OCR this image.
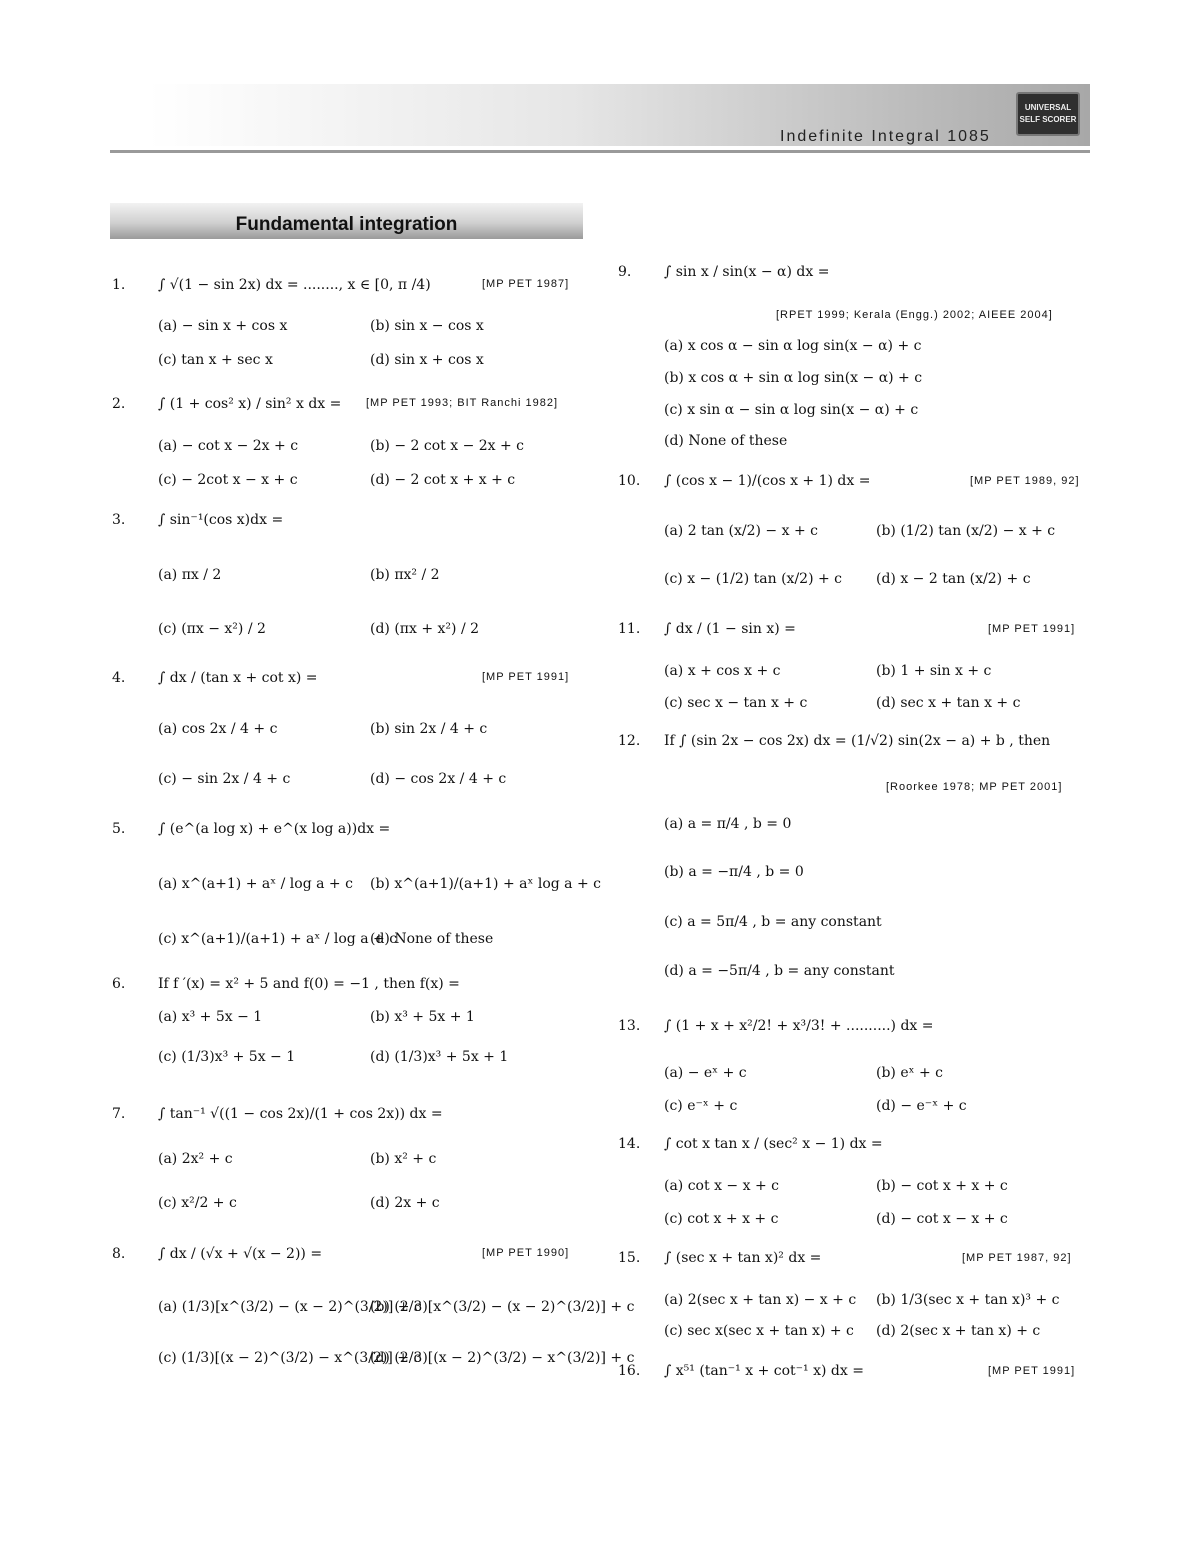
Indefinite Integral 1085
UNIVERSAL
SELF SCORER
Fundamental integration
1. ∫ √(1 − sin 2x) dx = ........, x ∈ [0, π /4)	[MP PET 1987]
(a) − sin x + cos x	(b) sin x − cos x
(c) tan x + sec x	(d) sin x + cos x
2. ∫ (1 + cos² x) / sin² x dx = [MP PET 1993; BIT Ranchi 1982]
(a) − cot x − 2x + c	(b) − 2 cot x − 2x + c
(c) − 2cot x − x + c	(d) − 2 cot x + x + c
3. ∫ sin⁻¹(cos x)dx =
(a) πx / 2	(b) πx² / 2
(c) (πx − x²) / 2	(d) (πx + x²) / 2
4. ∫ dx / (tan x + cot x) =	[MP PET 1991]
(a) cos 2x / 4 + c	(b) sin 2x / 4 + c
(c) − sin 2x / 4 + c	(d) − cos 2x / 4 + c
5. ∫ (e^(a log x) + e^(x log a))dx =
(a) x^(a+1) + aˣ / log a + c (b) x^(a+1)/(a+1) + aˣ log a + c
(c) x^(a+1)/(a+1) + aˣ / log a + c
(d) None of these
6. If f ′(x) = x² + 5 and f(0) = −1 , then f(x) =
(a) x³ + 5x − 1	(b) x³ + 5x + 1
(c) (1/3)x³ + 5x − 1	(d) (1/3)x³ + 5x + 1
7. ∫ tan⁻¹ √((1 − cos 2x)/(1 + cos 2x)) dx =
(a) 2x² + c	(b) x² + c
(c) x²/2 + c	(d) 2x + c
8. ∫ dx / (√x + √(x − 2)) =	[MP PET 1990]
(a) (1/3)[x^(3/2) − (x − 2)^(3/2)] + c
(b) (2/3)[x^(3/2) − (x − 2)^(3/2)] + c
(c) (1/3)[(x − 2)^(3/2) − x^(3/2)] + c
(d) (2/3)[(x − 2)^(3/2) − x^(3/2)] + c
9. ∫ sin x / sin(x − α) dx =
[RPET 1999; Kerala (Engg.) 2002; AIEEE 2004]
(a) x cos α − sin α log sin(x − α) + c
(b) x cos α + sin α log sin(x − α) + c
(c) x sin α − sin α log sin(x − α) + c
(d) None of these
10. ∫ (cos x − 1)/(cos x + 1) dx =	[MP PET 1989, 92]
(a) 2 tan (x/2) − x + c	(b) (1/2) tan (x/2) − x + c
(c) x − (1/2) tan (x/2) + c (d) x − 2 tan (x/2) + c
11. ∫ dx / (1 − sin x) =	[MP PET 1991]
(a) x + cos x + c	(b) 1 + sin x + c
(c) sec x − tan x + c	(d) sec x + tan x + c
12. If ∫ (sin 2x − cos 2x) dx = (1/√2) sin(2x − a) + b , then
[Roorkee 1978; MP PET 2001]
(a) a = π/4 , b = 0
(b) a = −π/4 , b = 0
(c) a = 5π/4 , b = any constant
(d) a = −5π/4 , b = any constant
13. ∫ (1 + x + x²/2! + x³/3! + ..........) dx =
(a) − eˣ + c	(b) eˣ + c
(c) e⁻ˣ + c	(d) − e⁻ˣ + c
14. ∫ cot x tan x / (sec² x − 1) dx =
(a) cot x − x + c	(b) − cot x + x + c
(c) cot x + x + c	(d) − cot x − x + c
15. ∫ (sec x + tan x)² dx =	[MP PET 1987, 92]
(a) 2(sec x + tan x) − x + c (b) 1/3(sec x + tan x)³ + c
(c) sec x(sec x + tan x) + c (d) 2(sec x + tan x) + c
16. ∫ x⁵¹ (tan⁻¹ x + cot⁻¹ x) dx =	[MP PET 1991]
